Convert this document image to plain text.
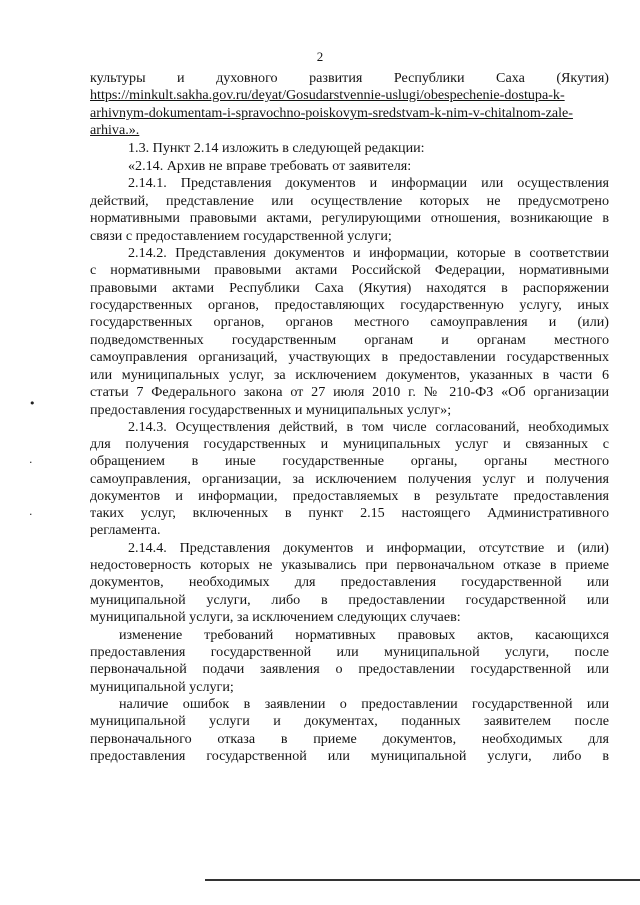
2
•
‧
‧
культуры и духовного развития Республики Саха (Якутия)
https://minkult.sakha.gov.ru/deyat/Gosudarstvennie-uslugi/obespechenie-dostupa-k-
arhivnym-dokumentam-i-spravochno-poiskovym-sredstvam-k-nim-v-chitalnom-zale-
arhiva.».
1.3. Пункт 2.14 изложить в следующей редакции:
«2.14. Архив не вправе требовать от заявителя:
2.14.1. Представления документов и информации или осуществления
действий, представление или осуществление которых не предусмотрено
нормативными правовыми актами, регулирующими отношения, возникающие в
связи с предоставлением государственной услуги;
2.14.2. Представления документов и информации, которые в соответствии
с нормативными правовыми актами Российской Федерации, нормативными
правовыми актами Республики Саха (Якутия) находятся в распоряжении
государственных органов, предоставляющих государственную услугу, иных
государственных органов, органов местного самоуправления и (или)
подведомственных государственным органам и органам местного
самоуправления организаций, участвующих в предоставлении государственных
или муниципальных услуг, за исключением документов, указанных в части 6
статьи 7 Федерального закона от 27 июля 2010 г. № 210-ФЗ «Об организации
предоставления государственных и муниципальных услуг»;
2.14.3. Осуществления действий, в том числе согласований, необходимых
для получения государственных и муниципальных услуг и связанных с
обращением в иные государственные органы, органы местного
самоуправления, организации, за исключением получения услуг и получения
документов и информации, предоставляемых в результате предоставления
таких услуг, включенных в пункт 2.15 настоящего Административного
регламента.
2.14.4. Представления документов и информации, отсутствие и (или)
недостоверность которых не указывались при первоначальном отказе в приеме
документов, необходимых для предоставления государственной или
муниципальной услуги, либо в предоставлении государственной или
муниципальной услуги, за исключением следующих случаев:
изменение требований нормативных правовых актов, касающихся
предоставления государственной или муниципальной услуги, после
первоначальной подачи заявления о предоставлении государственной или
муниципальной услуги;
наличие ошибок в заявлении о предоставлении государственной или
муниципальной услуги и документах, поданных заявителем после
первоначального отказа в приеме документов, необходимых для
предоставления государственной или муниципальной услуги, либо в
